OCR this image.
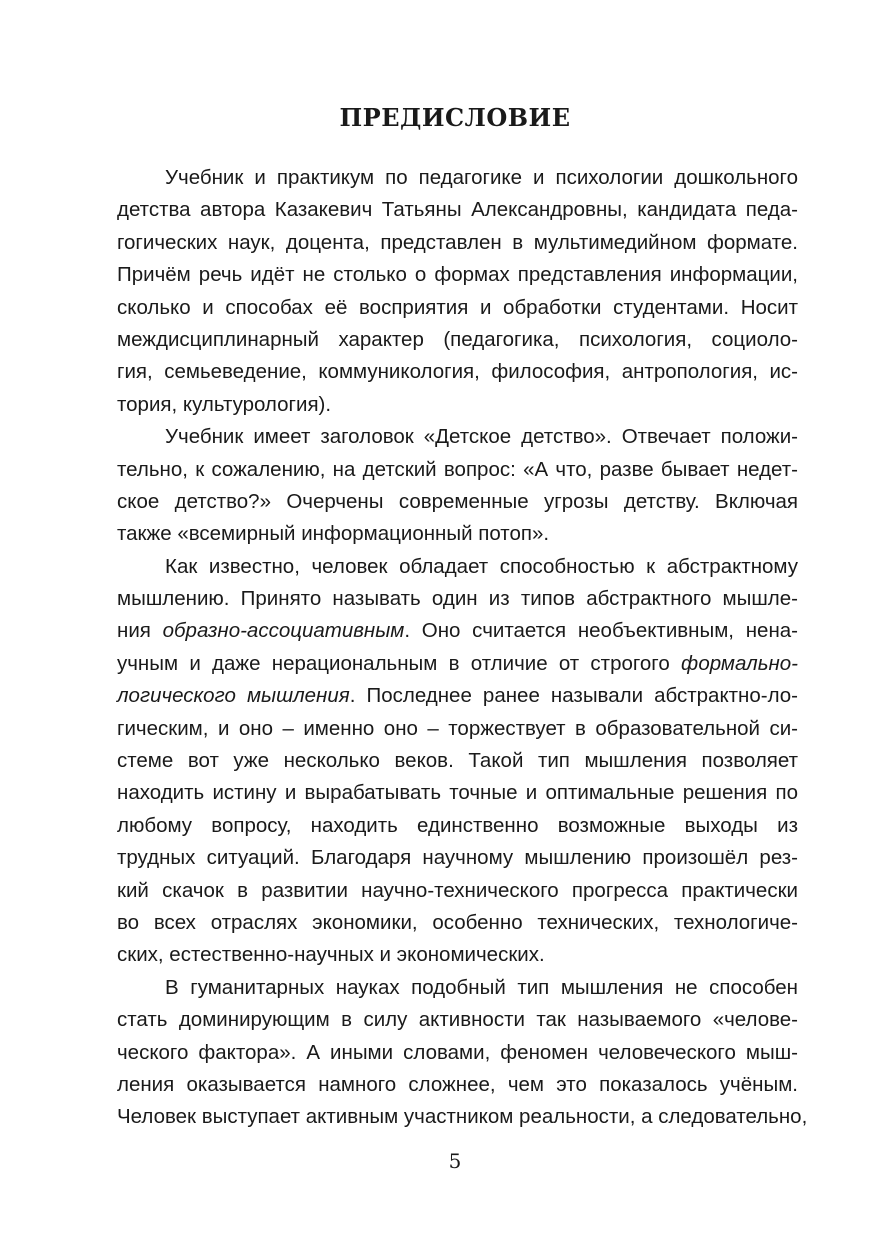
ПРЕДИСЛОВИЕ
Учебник и практикум по педагогике и психологии дошкольного
детства автора Казакевич Татьяны Александровны, кандидата педа-
гогических наук, доцента, представлен в мультимедийном формате.
Причём речь идёт не столько о формах представления информации,
сколько и способах её восприятия и обработки студентами. Носит
междисциплинарный характер (педагогика, психология, социоло-
гия, семьеведение, коммуникология, философия, антропология, ис-
тория, культурология).
Учебник имеет заголовок «Детское детство». Отвечает положи-
тельно, к сожалению, на детский вопрос: «А что, разве бывает недет-
ское детство?» Очерчены современные угрозы детству. Включая
также «всемирный информационный потоп».
Как известно, человек обладает способностью к абстрактному
мышлению. Принято называть один из типов абстрактного мышле-
ния образно-ассоциативным. Оно считается необъективным, нена-
учным и даже нерациональным в отличие от строгого формально-
логического мышления. Последнее ранее называли абстрактно-ло-
гическим, и оно – именно оно – торжествует в образовательной си-
стеме вот уже несколько веков. Такой тип мышления позволяет
находить истину и вырабатывать точные и оптимальные решения по
любому вопросу, находить единственно возможные выходы из
трудных ситуаций. Благодаря научному мышлению произошёл рез-
кий скачок в развитии научно-технического прогресса практически
во всех отраслях экономики, особенно технических, технологиче-
ских, естественно-научных и экономических.
В гуманитарных науках подобный тип мышления не способен
стать доминирующим в силу активности так называемого «челове-
ческого фактора». А иными словами, феномен человеческого мыш-
ления оказывается намного сложнее, чем это показалось учёным.
Человек выступает активным участником реальности, а следовательно,
5
